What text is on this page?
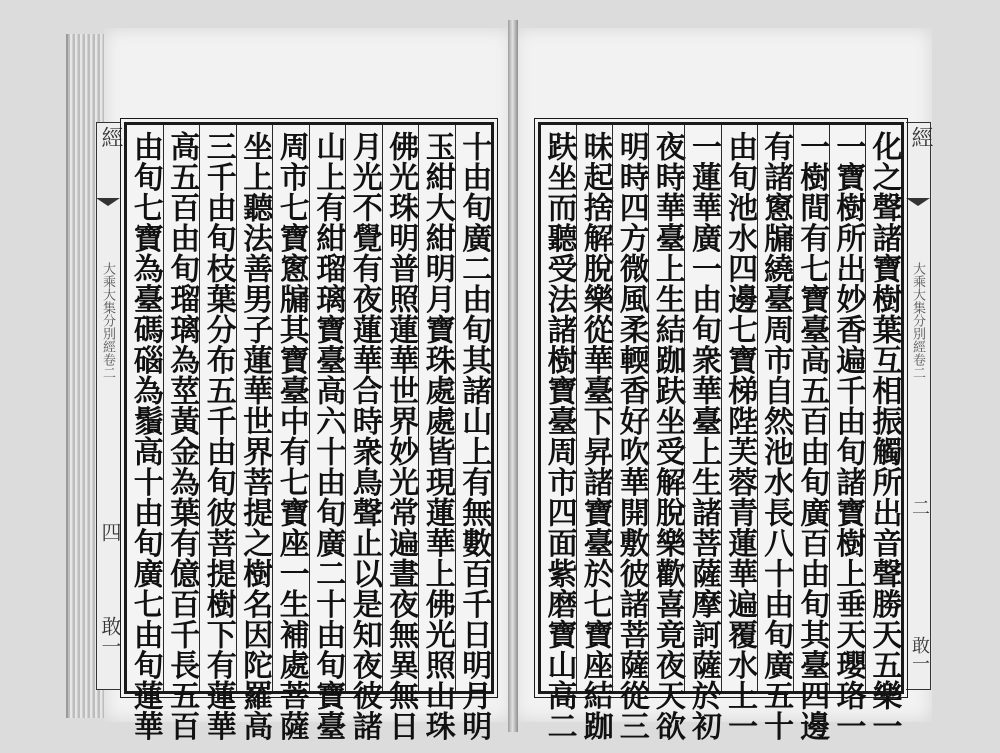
經
大乘大集分別經卷二
四
敢一
經
大乘大集分別經卷二
二
敢一
十由旬廣二由旬其諸山上有無數百千日明月明
玉紺大紺明月寶珠處處皆現蓮華上佛光照山珠
佛光珠明普照蓮華世界妙光常遍晝夜無異無日
月光不覺有夜蓮華合時衆鳥聲止以是知夜彼諸
山上有紺瑠璃寶臺高六十由旬廣二十由旬寶臺
周市七寶窻牖其寶臺中有七寶座一生補處菩薩
坐上聽法善男子蓮華世界菩提之樹名因陀羅高
三千由旬枝葉分布五千由旬彼菩提樹下有蓮華
高五百由旬瑠璃為莖黃金為葉有億百千長五百
由旬七寶為臺碼碯為鬚高十由旬廣七由旬蓮華	化之聲諸寶樹葉互相振觸所出音聲勝天五樂一
一寶樹所出妙香遍千由旬諸寶樹上垂天瓔珞一
一樹間有七寶臺高五百由旬廣百由旬其臺四邊
有諸窻牖繞臺周市自然池水長八十由旬廣五十
由旬池水四邊七寶梯陛芙蓉青蓮華遍覆水上一
一蓮華廣一由旬衆華臺上生諸菩薩摩訶薩於初
夜時華臺上生結跏趺坐受解脫樂歡喜竟夜天欲
明時四方微風柔輭香好吹華開敷彼諸菩薩從三
昧起捨解脫樂從華臺下昇諸寶臺於七寶座結跏
趺坐而聽受法諸樹寶臺周市四面紫磨寶山高二
